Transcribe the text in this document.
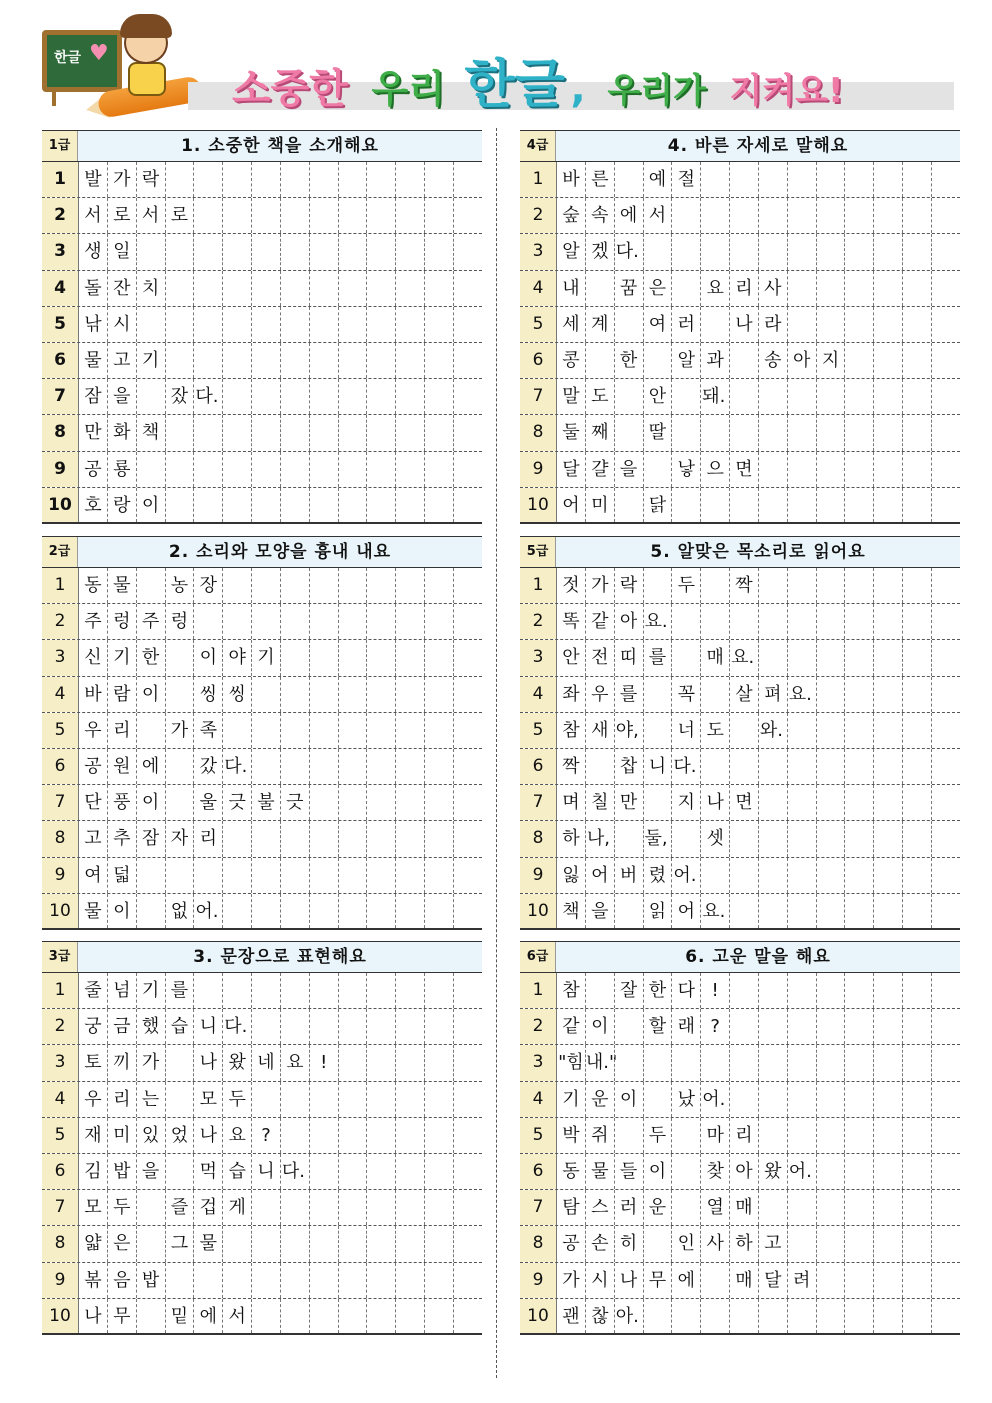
한글 ♥
소중한 우리 한글 , 우리가 지켜요!
1급	1. 소중한 책을 소개해요
1	발 가 락
2	서 로 서 로
3	생 일
4	돌 잔 치
5	낚 시
6	물 고 기
7	잠 을	잤 다.
8	만 화 책
9	공 룡
10 호 랑 이
4급	4. 바른 자세로 말해요
1	바 른	예 절
2	숲 속 에 서
3	알 겠 다.
4	내	꿈 은	요 리 사
5	세 계	여 러	나 라
6	콩	한	알 과	송 아 지
7	말 도	안 돼.
8	둘 째	딸
9	달 걀 을	낳 으 면
10 어 미	닭
2급	2. 소리와 모양을 흉내 내요
1	동 물	농 장
2	주 렁 주 렁
3	신 기 한	이 야 기
4	바 람 이	씽 씽
5	우 리	가 족
6	공 원 에	갔 다.
7	단 풍 이	울 긋 불 긋
8	고 추 잠 자 리
9	여 덟
10 물 이	없 어.
5급	5. 알맞은 목소리로 읽어요
1	젓 가 락	두	짝
2	똑 같 아 요.
3	안 전 띠 를	매 요.
4	좌 우 를	꼭	살 펴 요.
5	참 새 야,	너 도 와.
6	짝	찹 니 다.
7	며 칠 만	지 나 면
8	하 나, 둘,	셋
9	잃 어 버 렸 어.
10 책 을	읽 어 요.
3급	3. 문장으로 표현해요
1	줄 넘 기 를
2	궁 금 했 습 니 다.
3	토 끼 가	나 왔 네 요 !
4	우 리 는	모 두
5	재 미 있 었 나 요 ?
6	김 밥 을	먹 습 니 다.
7	모 두	즐 겁 게
8	얇 은	그 물
9	볶 음 밥
10 나 무	밑 에 서
6급	6. 고운 말을 해요
1	참	잘 한 다 !
2	같 이	할 래 ?
3 "힘 내."
4	기 운 이	났 어.
5	박 쥐	두	마 리
6	동 물 들 이	찾 아 왔 어.
7	탐 스 러 운	열 매
8	공 손 히	인 사 하 고
9	가 시 나 무 에	매 달 려
10 괜 찮 아.
